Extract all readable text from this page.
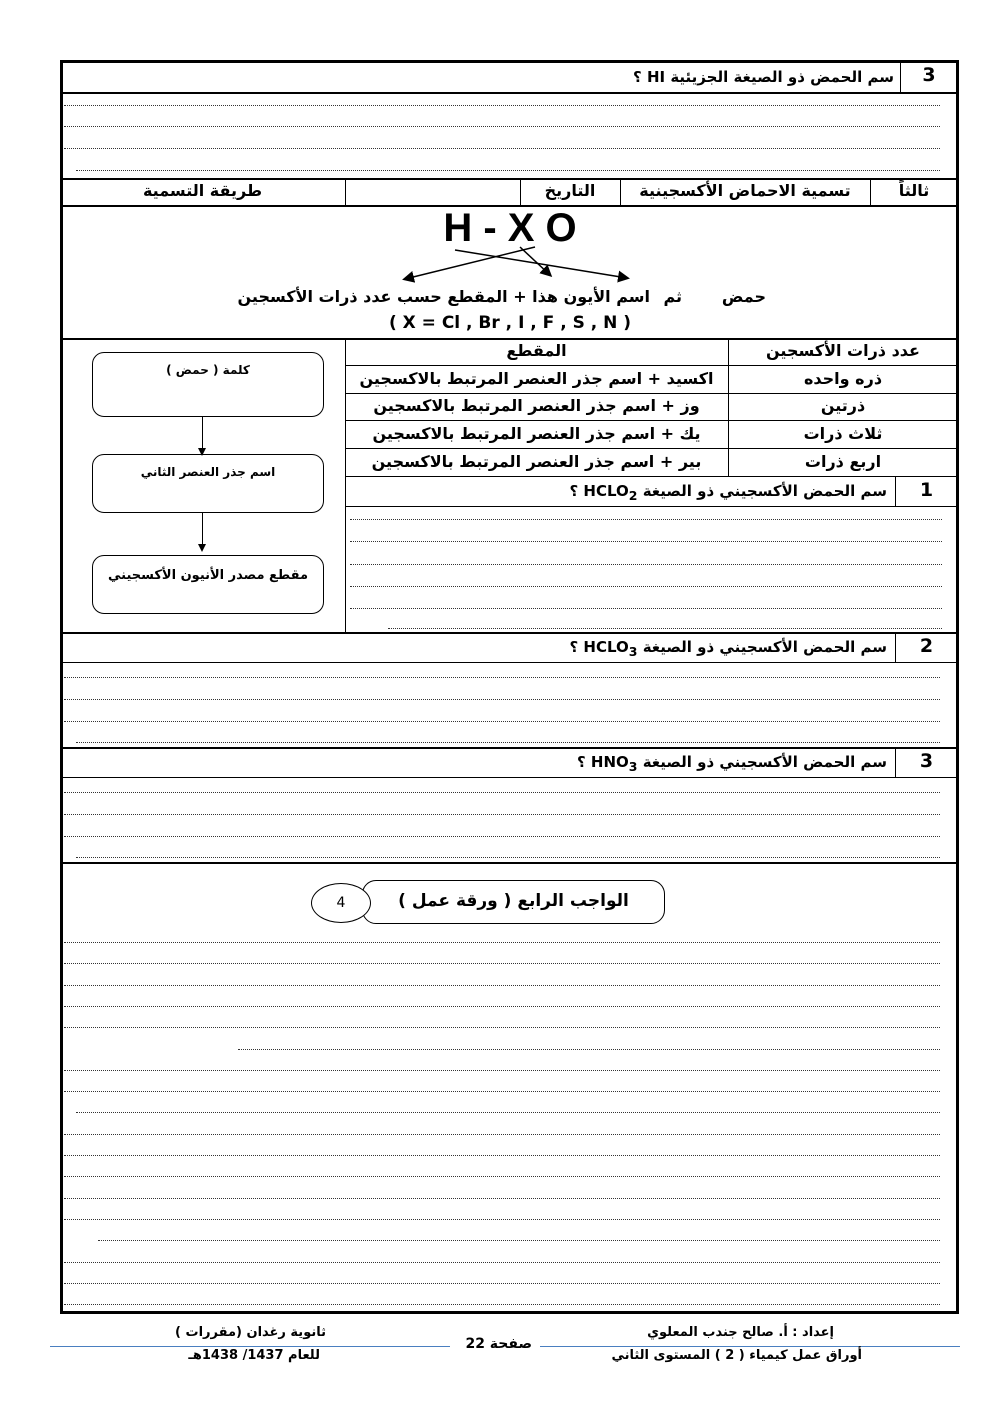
3
سم الحمض ذو الصيغة الجزيئية HI ؟
ثالثاً
تسمية الاحماض الأكسجينية
التاريخ
طريقة التسمية
H - X O
حمض
ثم
اسم الأيون هذا + المقطع حسب عدد ذرات الأكسجين
( X = Cl , Br , I , F , S , N )
عدد ذرات الأكسجين
المقطع
ذره واحده
اكسيد + اسم جذر العنصر المرتبط بالاكسجين
ذرتين
وز + اسم جذر العنصر المرتبط بالاكسجين
ثلاث ذرات
يك + اسم جذر العنصر المرتبط بالاكسجين
اربع ذرات
بير + اسم جذر العنصر المرتبط بالاكسجين
1
سم الحمض الأكسجيني ذو الصيغة $HCLO_2$ ؟
كلمة ( حمض )
اسم جذر العنصر الثاني
مقطع مصدر الأنيون الأكسجيني
2
سم الحمض الأكسجيني ذو الصيغة $HCLO_3$ ؟
3
سم الحمض الأكسجيني ذو الصيغة $HNO_3$ ؟
الواجب الرابع ( ورقة عمل )
4
إعداد : أ. صالح جندب المعلوي
أوراق عمل كيمياء ( 2 ) المستوى الثاني
صفحة 22
ثانوية رغدان (مقررات )
للعام 1437/ 1438هـ
